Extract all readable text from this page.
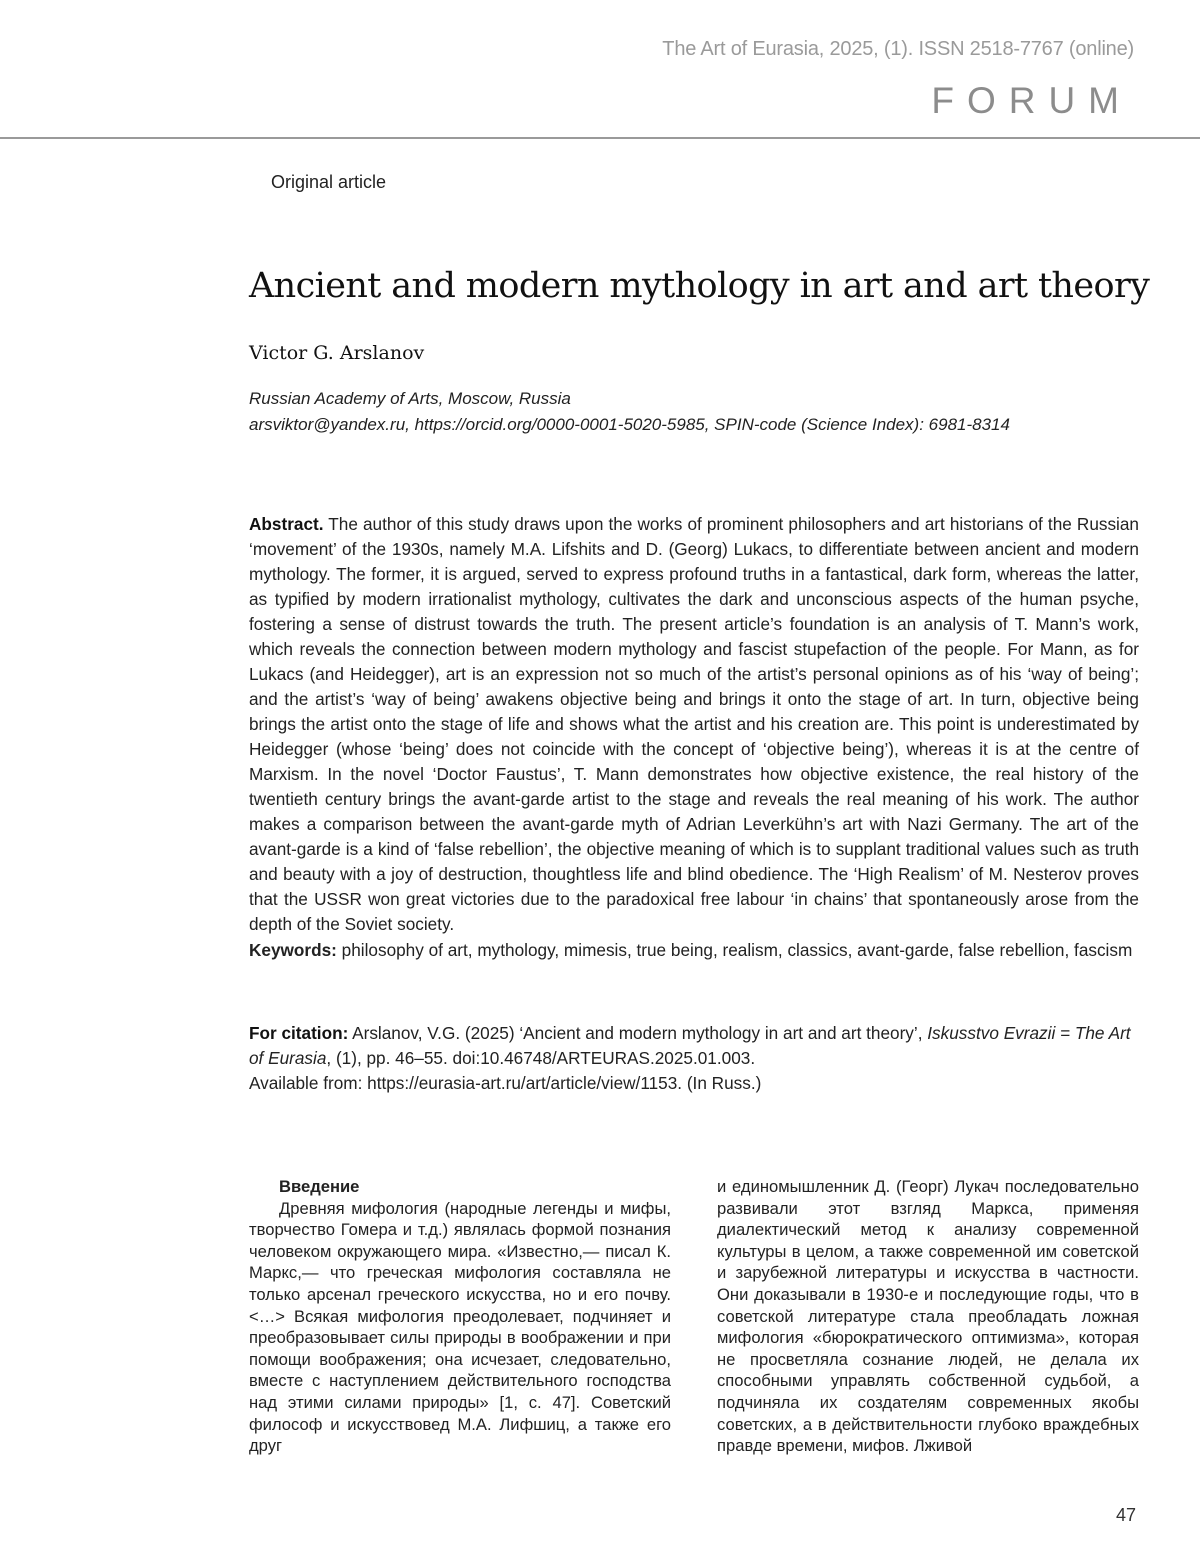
The Art of Eurasia, 2025, (1). ISSN 2518-7767 (online)
FORUM
Original article
Ancient and modern mythology in art and art theory
Victor G. Arslanov
Russian Academy of Arts, Moscow, Russia
arsviktor@yandex.ru, https://orcid.org/0000-0001-5020-5985, SPIN-code (Science Index): 6981-8314
Abstract. The author of this study draws upon the works of prominent philosophers and art historians of the Russian ‘movement’ of the 1930s, namely M.A. Lifshits and D. (Georg) Lukacs, to differentiate between ancient and modern mythology. The former, it is argued, served to express profound truths in a fantastical, dark form, whereas the latter, as typified by modern irrationalist mythology, cultivates the dark and unconscious aspects of the human psyche, fostering a sense of distrust towards the truth. The present article’s foundation is an analysis of T. Mann’s work, which reveals the connection between modern mythology and fascist stupefaction of the people. For Mann, as for Lukacs (and Heidegger), art is an expression not so much of the artist’s personal opinions as of his ‘way of being’; and the artist’s ‘way of being’ awakens objective being and brings it onto the stage of art. In turn, objective being brings the artist onto the stage of life and shows what the artist and his creation are. This point is underestimated by Heidegger (whose ‘being’ does not coincide with the concept of ‘objective being’), whereas it is at the centre of Marxism. In the novel ‘Doctor Faustus’, T. Mann demonstrates how objective existence, the real history of the twentieth century brings the avant-garde artist to the stage and reveals the real meaning of his work. The author makes a comparison between the avant-garde myth of Adrian Leverkühn’s art with Nazi Germany. The art of the avant-garde is a kind of ‘false rebellion’, the objective meaning of which is to supplant traditional values such as truth and beauty with a joy of destruction, thoughtless life and blind obedience. The ‘High Realism’ of M. Nesterov proves that the USSR won great victories due to the paradoxical free labour ‘in chains’ that spontaneously arose from the depth of the Soviet society.
Keywords: philosophy of art, mythology, mimesis, true being, realism, classics, avant-garde, false rebellion, fascism
For citation: Arslanov, V.G. (2025) ‘Ancient and modern mythology in art and art theory’, Iskusstvo Evrazii = The Art of Eurasia, (1), pp. 46–55. doi:10.46748/ARTEURAS.2025.01.003.
Available from: https://eurasia-art.ru/art/article/view/1153. (In Russ.)
Введение
Древняя мифология (народные легенды и мифы, творчество Гомера и т.д.) являлась формой познания человеком окружающего мира. «Известно,— писал К. Маркс,— что греческая мифология составляла не только арсенал греческого искусства, но и его почву. <…> Всякая мифология преодолевает, подчиняет и преобразовывает силы природы в воображении и при помощи воображения; она исчезает, следовательно, вместе с наступлением действительного господства над этими силами природы» [1, с. 47]. Советский философ и искусствовед М.А. Лифшиц, а также его друг
и единомышленник Д. (Георг) Лукач последовательно развивали этот взгляд Маркса, применяя диалектический метод к анализу современной культуры в целом, а также современной им советской и зарубежной литературы и искусства в частности. Они доказывали в 1930-е и последующие годы, что в советской литературе стала преобладать ложная мифология «бюрократического оптимизма», которая не просветляла сознание людей, не делала их способными управлять собственной судьбой, а подчиняла их создателям современных якобы советских, а в действительности глубоко враждебных правде времени, мифов. Лживой
47
